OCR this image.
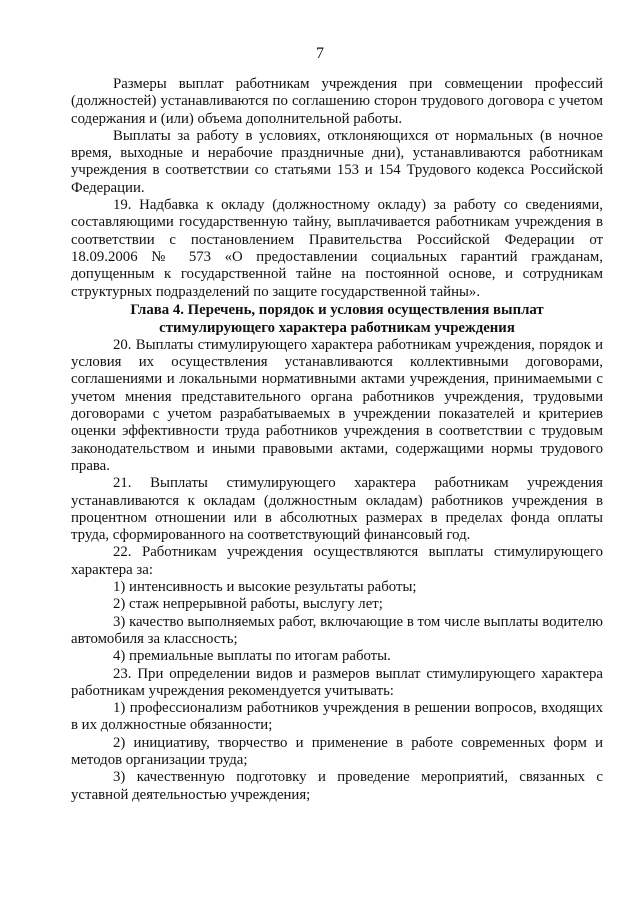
7

Размеры выплат работникам учреждения при совмещении профессий (должностей) устанавливаются по соглашению сторон трудового договора с учетом содержания и (или) объема дополнительной работы.

Выплаты за работу в условиях, отклоняющихся от нормальных (в ночное время, выходные и нерабочие праздничные дни), устанавливаются работникам учреждения в соответствии со статьями 153 и 154 Трудового кодекса Российской Федерации.

19. Надбавка к окладу (должностному окладу) за работу со сведениями, составляющими государственную тайну, выплачивается работникам учреждения в соответствии с постановлением Правительства Российской Федерации от 18.09.2006 № 573 «О предоставлении социальных гарантий гражданам, допущенным к государственной тайне на постоянной основе, и сотрудникам структурных подразделений по защите государственной тайны».

Глава 4. Перечень, порядок и условия осуществления выплат
стимулирующего характера работникам учреждения

20. Выплаты стимулирующего характера работникам учреждения, порядок и условия их осуществления устанавливаются коллективными договорами, соглашениями и локальными нормативными актами учреждения, принимаемыми с учетом мнения представительного органа работников учреждения, трудовыми договорами с учетом разрабатываемых в учреждении показателей и критериев оценки эффективности труда работников учреждения в соответствии с трудовым законодательством и иными правовыми актами, содержащими нормы трудового права.

21. Выплаты стимулирующего характера работникам учреждения устанавливаются к окладам (должностным окладам) работников учреждения в процентном отношении или в абсолютных размерах в пределах фонда оплаты труда, сформированного на соответствующий финансовый год.

22. Работникам учреждения осуществляются выплаты стимулирующего характера за:

1) интенсивность и высокие результаты работы;

2) стаж непрерывной работы, выслугу лет;

3) качество выполняемых работ, включающие в том числе выплаты водителю автомобиля за классность;

4) премиальные выплаты по итогам работы.

23. При определении видов и размеров выплат стимулирующего характера работникам учреждения рекомендуется учитывать:

1) профессионализм работников учреждения в решении вопросов, входящих в их должностные обязанности;

2) инициативу, творчество и применение в работе современных форм и методов организации труда;

3) качественную подготовку и проведение мероприятий, связанных с уставной деятельностью учреждения;
